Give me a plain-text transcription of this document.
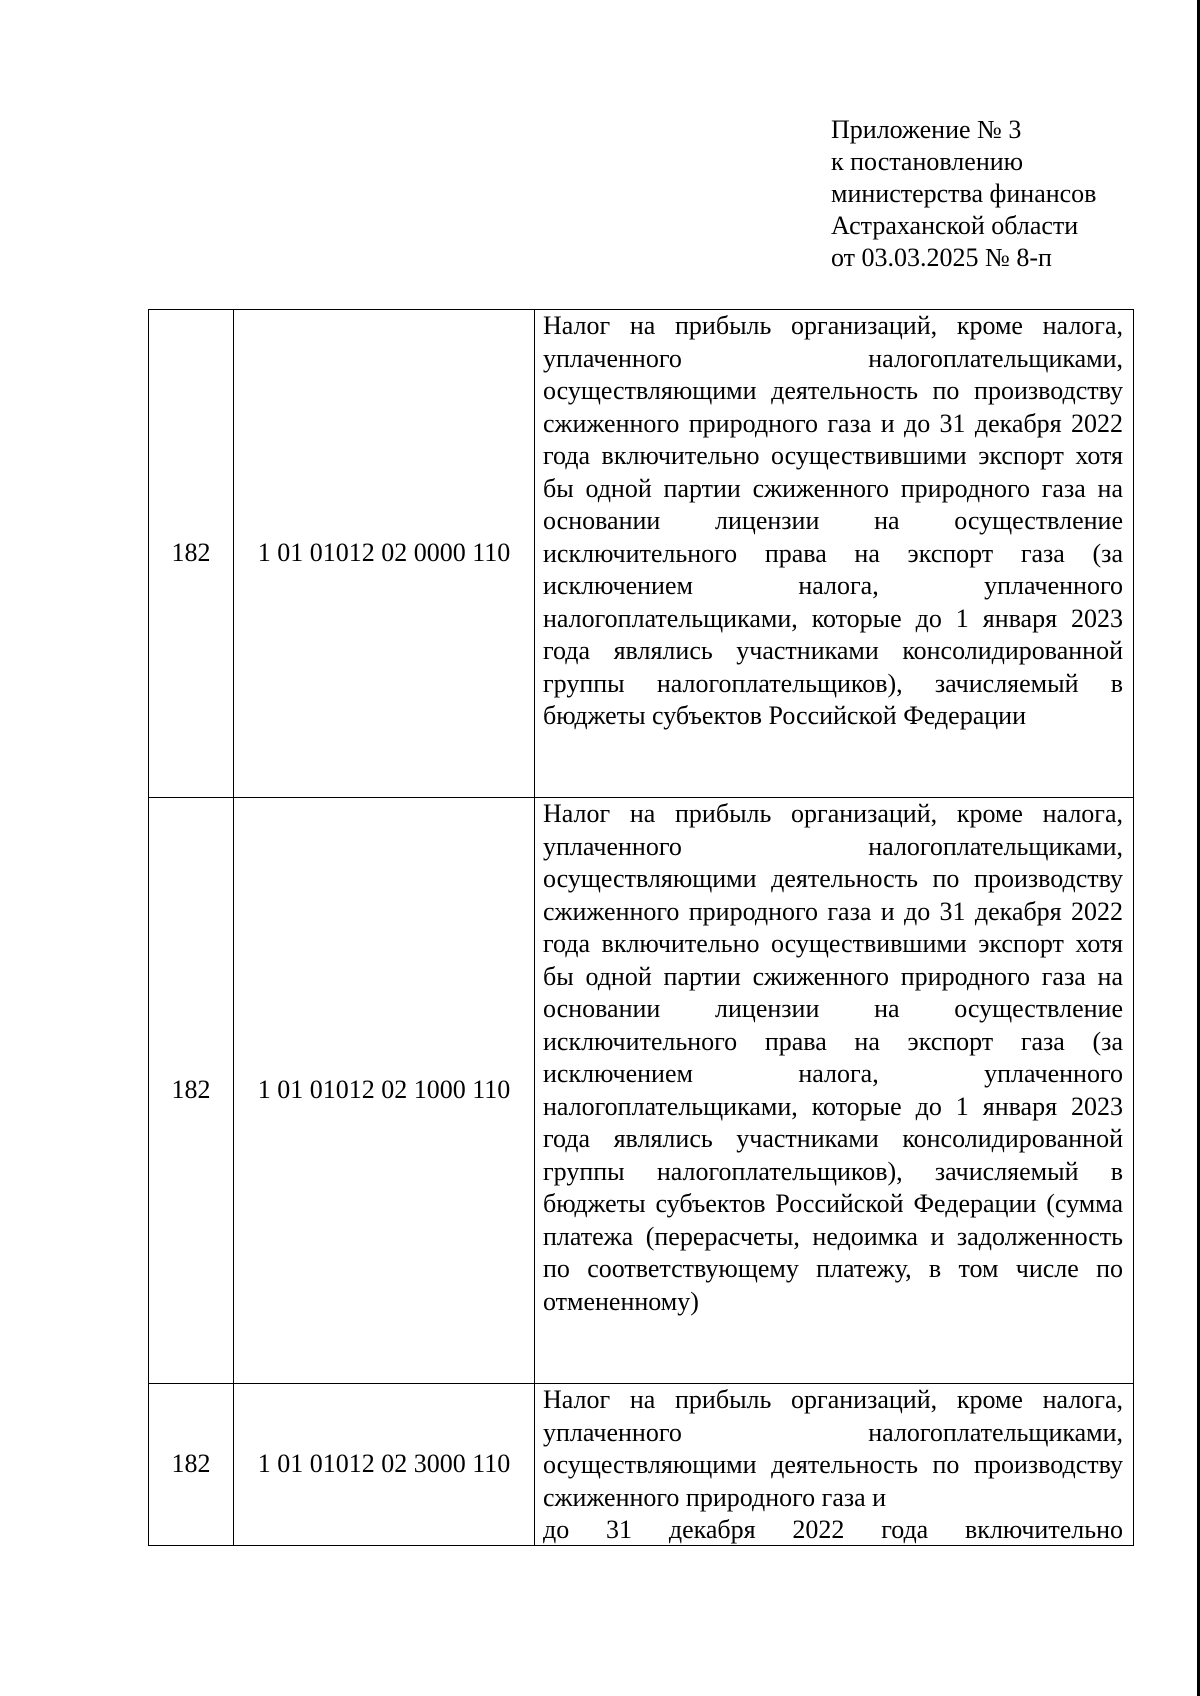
Приложение № 3
к постановлению
министерства финансов
Астраханской области
от 03.03.2025 № 8-п
182	1 01 01012 02 0000 110	Налог на прибыль организаций, кроме налога, уплаченного налогоплательщиками, осуществляющими деятельность по производству сжиженного природного газа и до 31 декабря 2022 года включительно осуществившими экспорт хотя бы одной партии сжиженного природного газа на основании лицензии на осуществление исключительного права на экспорт газа (за исключением налога, уплаченного налогоплательщиками, которые до 1 января 2023 года являлись участниками консолидированной группы налогоплательщиков), зачисляемый в бюджеты субъектов Российской Федерации
182	1 01 01012 02 1000 110	Налог на прибыль организаций, кроме налога, уплаченного налогоплательщиками, осуществляющими деятельность по производству сжиженного природного газа и до 31 декабря 2022 года включительно осуществившими экспорт хотя бы одной партии сжиженного природного газа на основании лицензии на осуществление исключительного права на экспорт газа (за исключением налога, уплаченного налогоплательщиками, которые до 1 января 2023 года являлись участниками консолидированной группы налогоплательщиков), зачисляемый в бюджеты субъектов Российской Федерации (сумма платежа (перерасчеты, недоимка и задолженность по соответствующему платежу, в том числе по отмененному)
182	1 01 01012 02 3000 110	Налог на прибыль организаций, кроме налога, уплаченного налогоплательщиками, осуществляющими деятельность по производству сжиженного природного газа и
до 31 декабря 2022 года включительно
